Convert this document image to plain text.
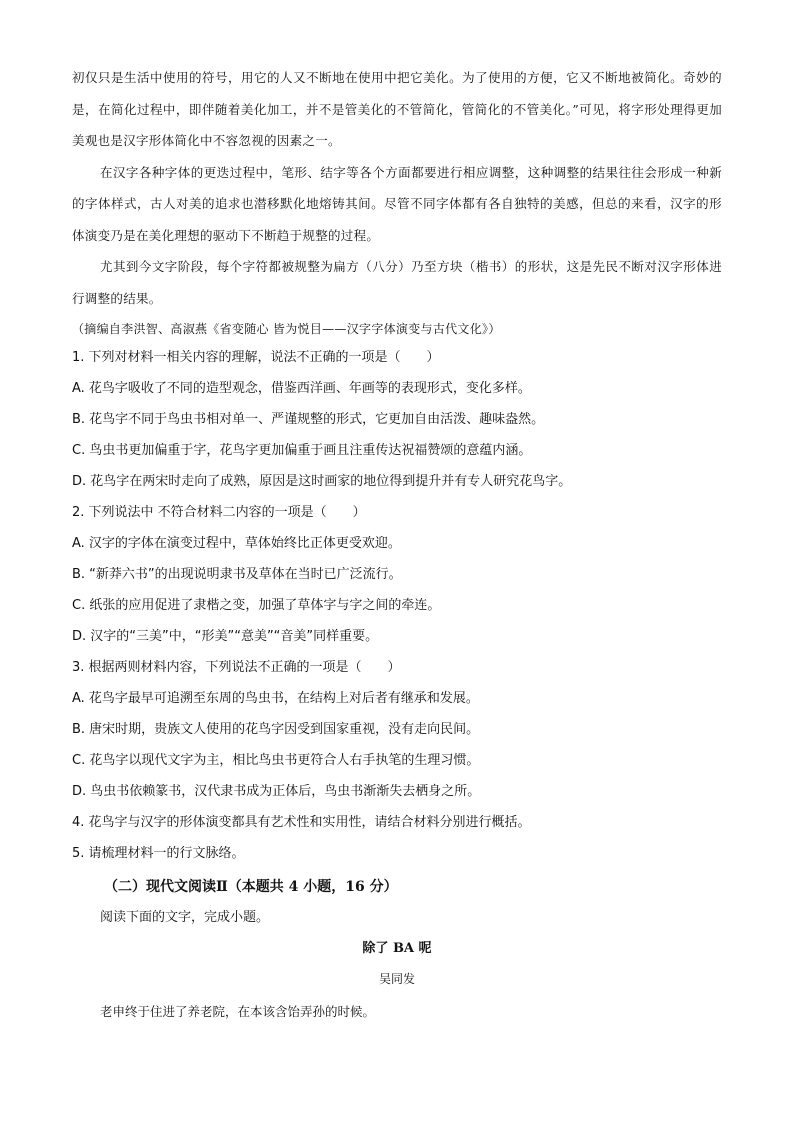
初仅只是生活中使用的符号，用它的人又不断地在使用中把它美化。为了使用的方便，它又不断地被简化。奇妙的是，在简化过程中，即伴随着美化加工，并不是管美化的不管简化，管简化的不管美化。”可见，将字形处理得更加美观也是汉字形体简化中不容忽视的因素之一。

在汉字各种字体的更迭过程中，笔形、结字等各个方面都要进行相应调整，这种调整的结果往往会形成一种新的字体样式，古人对美的追求也潜移默化地熔铸其间。尽管不同字体都有各自独特的美感，但总的来看，汉字的形体演变乃是在美化理想的驱动下不断趋于规整的过程。

尤其到今文字阶段，每个字符都被规整为扁方（八分）乃至方块（楷书）的形状，这是先民不断对汉字形体进行调整的结果。

（摘编自李洪智、高淑燕《省变随心 皆为悦目——汉字字体演变与古代文化》）

1. 下列对材料一相关内容的理解，说法不正确的一项是（　　）
A. 花鸟字吸收了不同的造型观念，借鉴西洋画、年画等的表现形式，变化多样。
B. 花鸟字不同于鸟虫书相对单一、严谨规整的形式，它更加自由活泼、趣味盎然。
C. 鸟虫书更加偏重于字，花鸟字更加偏重于画且注重传达祝福赞颂的意蕴内涵。
D. 花鸟字在两宋时走向了成熟，原因是这时画家的地位得到提升并有专人研究花鸟字。
2. 下列说法中 不符合材料二内容的一项是（　　）
A. 汉字的字体在演变过程中，草体始终比正体更受欢迎。
B. “新莽六书”的出现说明隶书及草体在当时已广泛流行。
C. 纸张的应用促进了隶楷之变，加强了草体字与字之间的牵连。
D. 汉字的“三美”中，“形美”“意美”“音美”同样重要。
3. 根据两则材料内容，下列说法不正确的一项是（　　）
A. 花鸟字最早可追溯至东周的鸟虫书，在结构上对后者有继承和发展。
B. 唐宋时期，贵族文人使用的花鸟字因受到国家重视，没有走向民间。
C. 花鸟字以现代文字为主，相比鸟虫书更符合人右手执笔的生理习惯。
D. 鸟虫书依赖篆书，汉代隶书成为正体后，鸟虫书渐渐失去栖身之所。
4. 花鸟字与汉字的形体演变都具有艺术性和实用性，请结合材料分别进行概括。
5. 请梳理材料一的行文脉络。
（二）现代文阅读Ⅱ（本题共 4 小题，16 分）
阅读下面的文字，完成小题。
除了 BA 呢
吴同发
老申终于住进了养老院，在本该含饴弄孙的时候。
